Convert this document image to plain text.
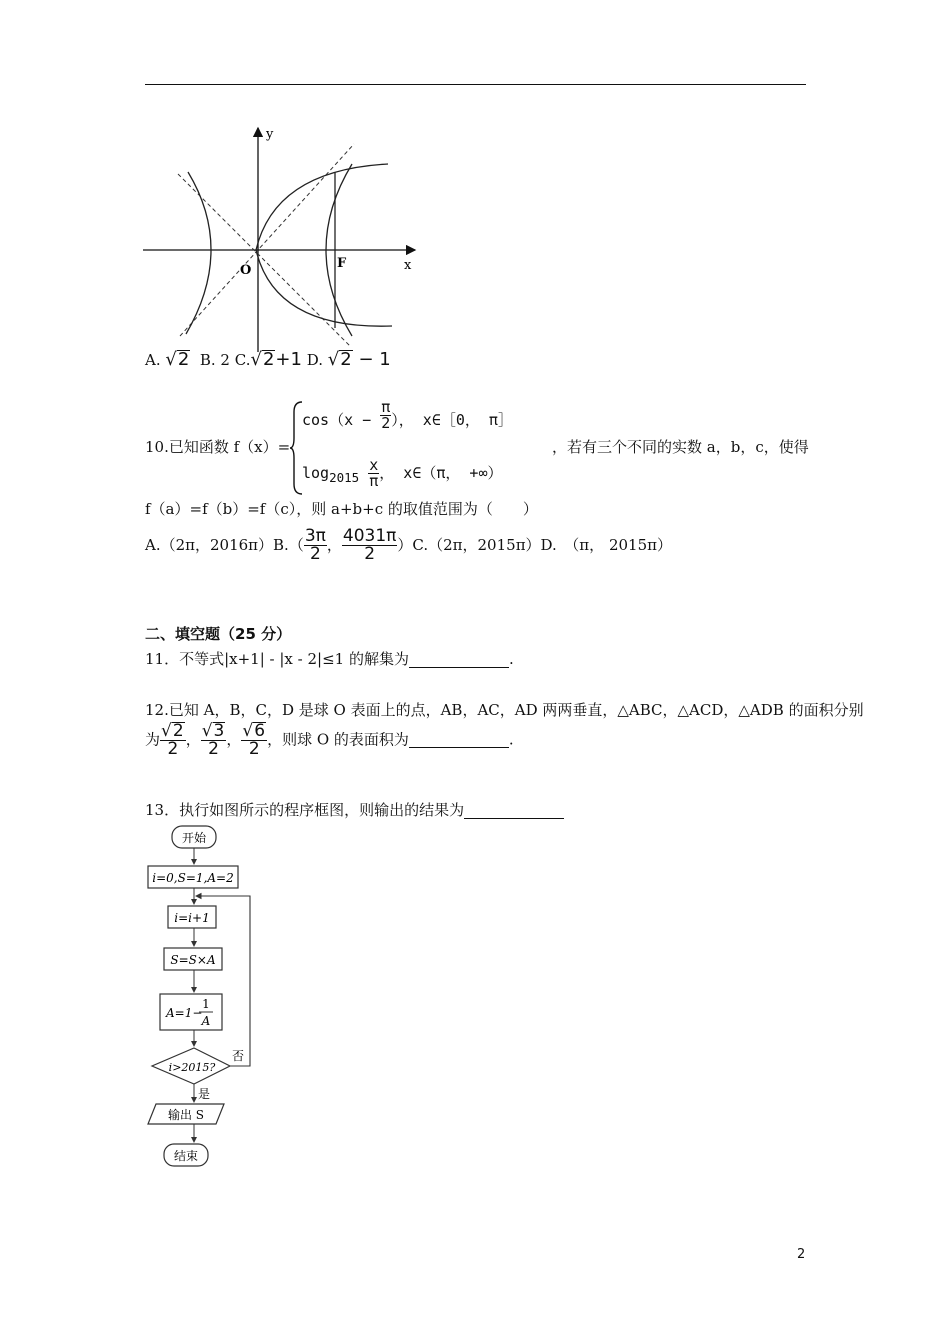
y
x
O	F
A. √2 B. 2 C.√2+1 D. √2 − 1
10.已知函数 f（x）=
$\cos(x - \frac{\pi}{2}$ ）， x∈［0， π］
$\log_{2015} \frac{x}{\pi}$ ， x∈（π， +∞）
，若有三个不同的实数 a，b，c，使得
f（a）=f（b）=f（c），则 a+b+c 的取值范围为（　　）
A.（2π，$2016\pi)B.( \frac{3\pi}{2}$ ， $\frac{4031\pi}{2} )C.(2\pi$，2015π）D.　（π， 2015π）
二、填空题（25 分）
11．不等式|x+1| - |x - 2|≤1 的解集为	.
12.已知 A，B，C，D 是球 O 表面上的点，AB，AC，AD 两两垂直，△ABC，△ACD，△ADB 的面积分别
为 $\frac{√2}{2}$ ， $\frac{√3}{2}$ ， $\frac{√6}{2}$ ，则球 O 的表面积为	.
13．执行如图所示的程序框图，则输出的结果为
开始
i=0,S=1,A=2
i=i+1
S=S×A
A=1−
1
A
i>2015?
否
是
输出 S
结束
2
